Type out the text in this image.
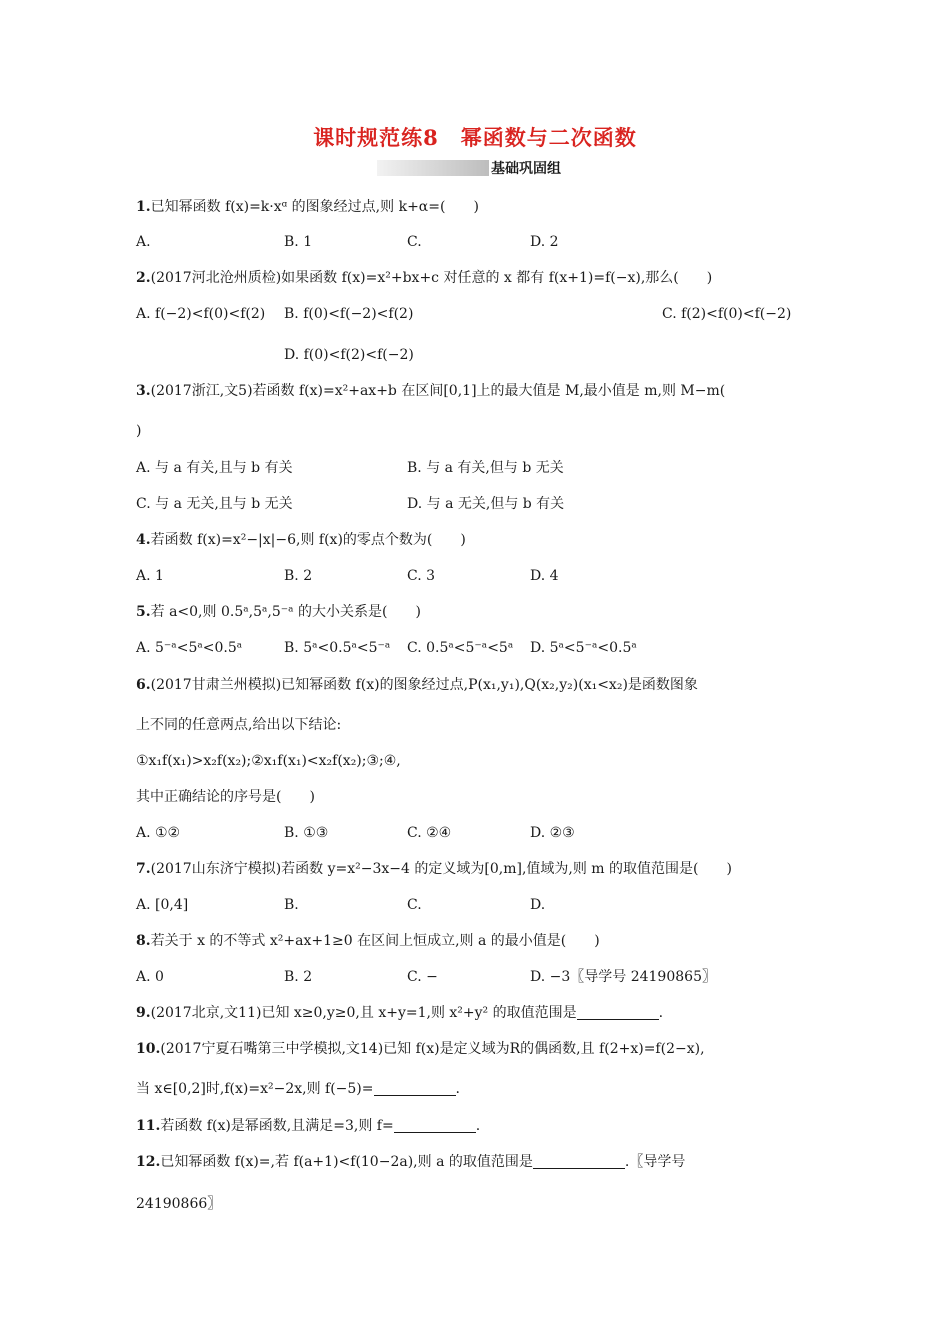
课时规范练8　幂函数与二次函数
基础巩固组
1.已知幂函数 f(x)=k·xᵅ 的图象经过点,则 k+α=(　　)
A.	B. 1	C.	D. 2
2.(2017河北沧州质检)如果函数 f(x)=x²+bx+c 对任意的 x 都有 f(x+1)=f(−x),那么(　　)
A. f(−2)<f(0)<f(2) B. f(0)<f(−2)<f(2)	C. f(2)<f(0)<f(−2)
D. f(0)<f(2)<f(−2)
3.(2017浙江,文5)若函数 f(x)=x²+ax+b 在区间[0,1]上的最大值是 M,最小值是 m,则 M−m(
)
A. 与 a 有关,且与 b 有关	B. 与 a 有关,但与 b 无关
C. 与 a 无关,且与 b 无关	D. 与 a 无关,但与 b 有关
4.若函数 f(x)=x²−|x|−6,则 f(x)的零点个数为(　　)
A. 1	B. 2	C. 3	D. 4
5.若 a<0,则 0.5ᵃ,5ᵃ,5⁻ᵃ 的大小关系是(　　)
A. 5⁻ᵃ<5ᵃ<0.5ᵃ	B. 5ᵃ<0.5ᵃ<5⁻ᵃ C. 0.5ᵃ<5⁻ᵃ<5ᵃ D. 5ᵃ<5⁻ᵃ<0.5ᵃ
6.(2017甘肃兰州模拟)已知幂函数 f(x)的图象经过点,P(x₁,y₁),Q(x₂,y₂)(x₁<x₂)是函数图象
上不同的任意两点,给出以下结论:
①x₁f(x₁)>x₂f(x₂);②x₁f(x₁)<x₂f(x₂);③;④,
其中正确结论的序号是(　　)
A. ①②	B. ①③	C. ②④	D. ②③
7.(2017山东济宁模拟)若函数 y=x²−3x−4 的定义域为[0,m],值域为,则 m 的取值范围是(　　)
A. [0,4]	B.	C.	D.
8.若关于 x 的不等式 x²+ax+1≥0 在区间上恒成立,则 a 的最小值是(　　)
A. 0	B. 2	C. −	D. −3〖导学号 24190865〗
9.(2017北京,文11)已知 x≥0,y≥0,且 x+y=1,则 x²+y² 的取值范围是	.
10.(2017宁夏石嘴第三中学模拟,文14)已知 f(x)是定义域为R的偶函数,且 f(2+x)=f(2−x),
当 x∈[0,2]时,f(x)=x²−2x,则 f(−5)=	.
11.若函数 f(x)是幂函数,且满足=3,则 f=	.
12.已知幂函数 f(x)=,若 f(a+1)<f(10−2a),则 a 的取值范围是	.〖导学号
24190866〗
